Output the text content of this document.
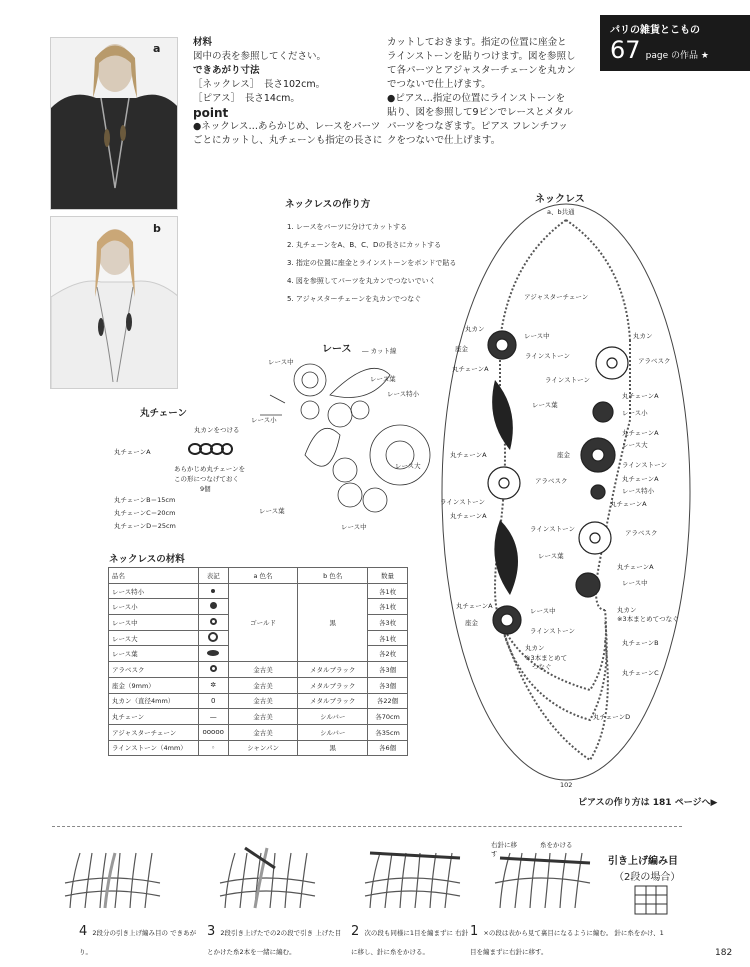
a
b
材料
図中の表を参照してください。
できあがり寸法
［ネックレス］　長さ102cm。
［ピアス］　長さ14cm。
point
●ネックレス…あらかじめ、レースをパーツ
ごとにカットし、丸チェーンも指定の長さに
カットしておきます。指定の位置に座金と
ラインストーンを貼りつけます。図を参照し
て各パーツとアジャスターチェーンを丸カン
でつないで仕上げます。
●ピアス…指定の位置にラインストーンを
貼り、図を参照して9ピンでレースとメタル
パーツをつなぎます。ピアス フレンチフッ
クをつないで仕上げます。
パリの雑貨とこもの
67 page の作品 ★
ネックレスの作り方
1. レースをパーツに分けてカットする
2. 丸チェーンをA、B、C、Dの長さにカットする
3. 指定の位置に座金とラインストーンをボンドで貼る
4. 図を参照してパーツを丸カンでつないでいく
5. アジャスターチェーンを丸カンでつなぐ
レース ― カット線
レース中
レース葉
レース特小
レース小
レース大
レース葉
レース中
丸チェーン
丸カンをつける
丸チェーンA
あらかじめ丸チェーンを
この形につなげておく
9個
丸チェーンB＝15cm
丸チェーンC＝20cm
丸チェーンD＝25cm
ネックレスの材料
品名	表記	a 色名	b 色名	数量
レース特小		ゴールド	黒	各1枚
レース小				各1枚
レース中				各3枚
レース大				各1枚
レース葉				各2枚
アラベスク		金古美	メタルブラック	各3個
座金（9mm）	✲	金古美	メタルブラック	各3個
丸カン（直径4mm）	0	金古美	メタルブラック	各22個
丸チェーン	—	金古美	シルバー	各70cm
アジャスターチェーン	ooooo	金古美	シルバー	各35cm
ラインストーン（4mm）	◦	シャンパン	黒	各6個
ネックレス
a、b共通
アジャスターチェーン
丸カン
レース中
座金
ラインストーン
丸チェーンA
レース葉
丸チェーンA
アラベスク
ラインストーン
丸チェーンA
ラインストーン
レース葉
丸チェーンA
レース中
座金
ラインストーン
丸カン
※3本まとめて
つなぐ
丸カン
アラベスク
ラインストーン
丸チェーンA
レース小
丸チェーンA
レース大
座金
ラインストーン
丸チェーンA
レース特小
丸チェーンA
アラベスク
丸チェーンA
レース中
丸カン
※3本まとめてつなぐ
丸チェーンB
丸チェーンC
丸チェーンD
102
ピアスの作り方は 181 ページへ▶
右針に移す
糸をかける
引き上げ編み目
（2段の場合）
4 2段分の引き上げ編み目の できあがり。
3 2段引き上げたでの2の段で引き 上げた目とかけた糸2本を一緒に編む。
2 次の段も同様に1目を編まずに 右針に移し、針に糸をかける。
1 ×の段は表から見て裏目になるように編む。 針に糸をかけ、1目を編まずに右針に移す。	182
